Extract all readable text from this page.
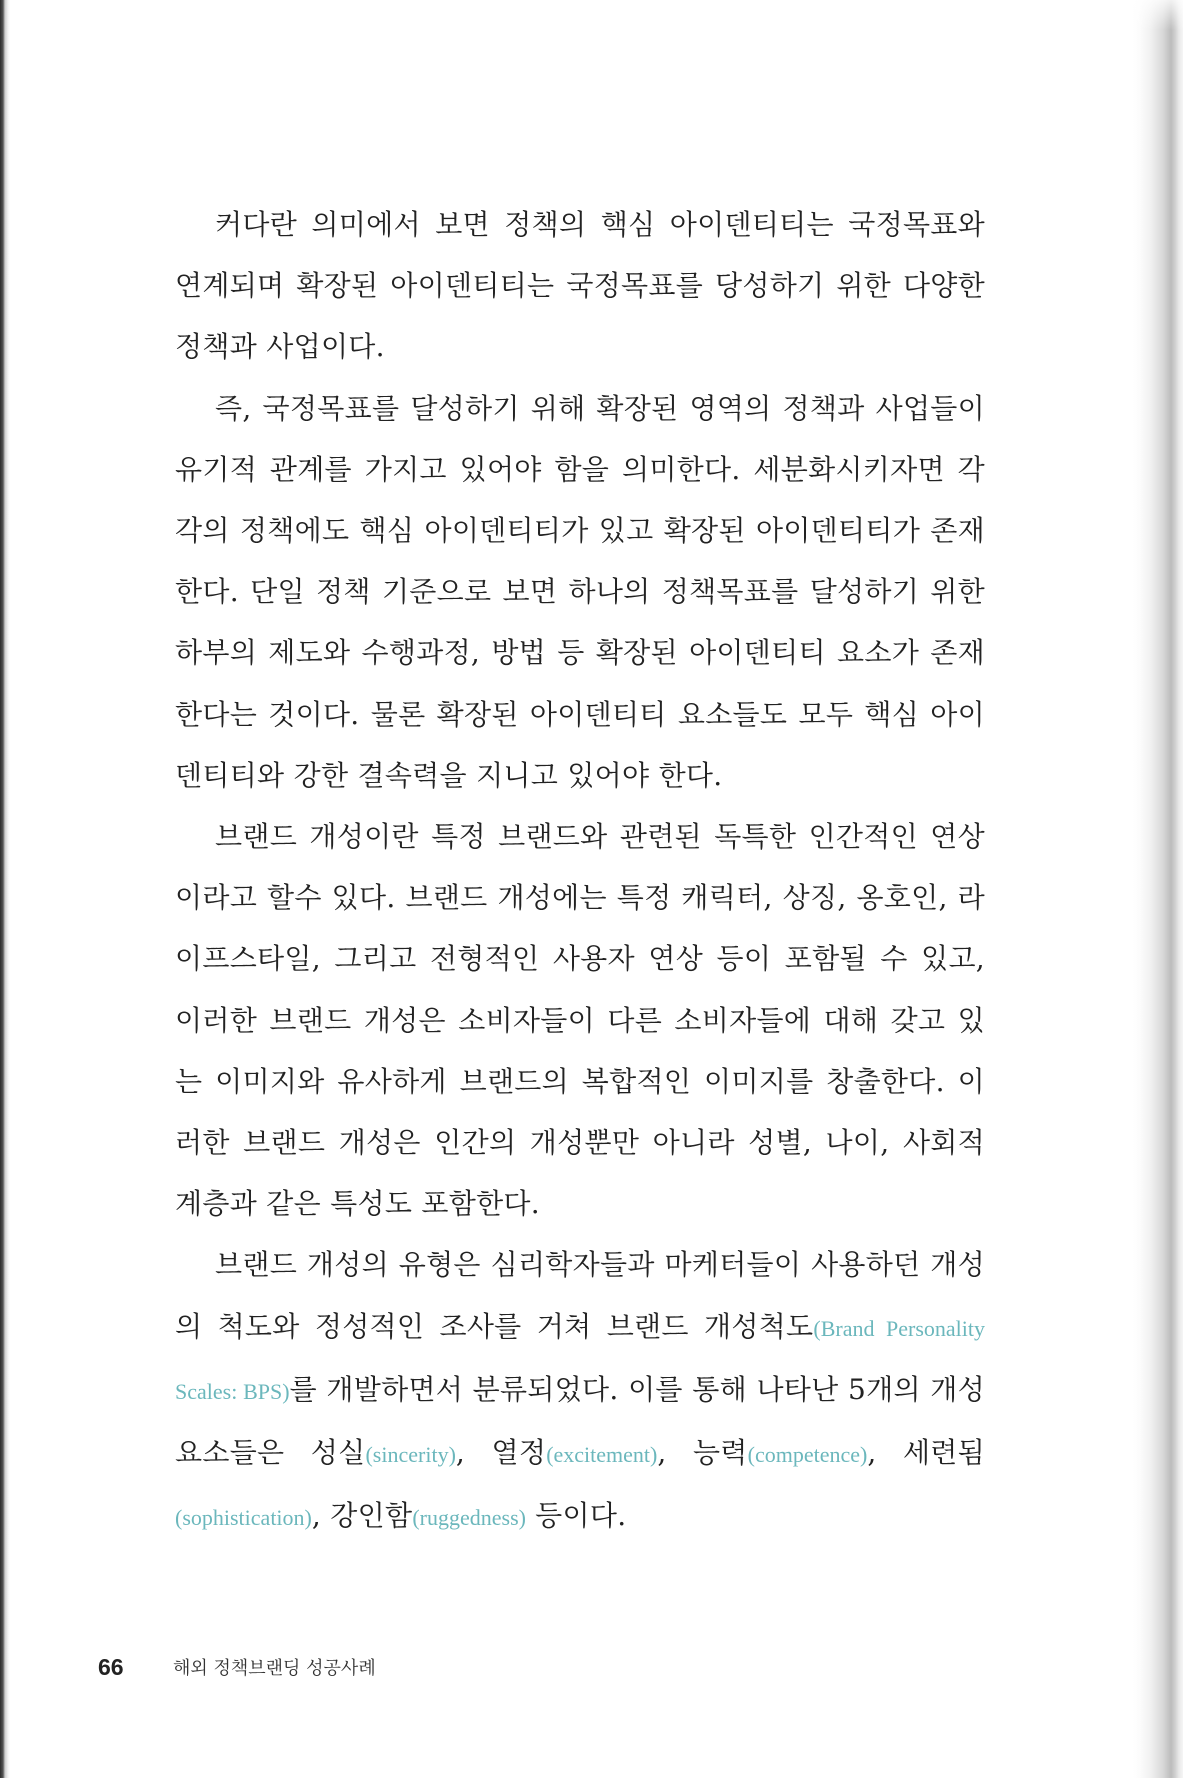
커다란 의미에서 보면 정책의 핵심 아이덴티티는 국정목표와 연계되며 확장된 아이덴티티는 국정목표를 당성하기 위한 다양한 정책과 사업이다.

즉, 국정목표를 달성하기 위해 확장된 영역의 정책과 사업들이 유기적 관계를 가지고 있어야 함을 의미한다. 세분화시키자면 각각의 정책에도 핵심 아이덴티티가 있고 확장된 아이덴티티가 존재한다. 단일 정책 기준으로 보면 하나의 정책목표를 달성하기 위한 하부의 제도와 수행과정, 방법 등 확장된 아이덴티티 요소가 존재한다는 것이다. 물론 확장된 아이덴티티 요소들도 모두 핵심 아이덴티티와 강한 결속력을 지니고 있어야 한다.

브랜드 개성이란 특정 브랜드와 관련된 독특한 인간적인 연상이라고 할수 있다. 브랜드 개성에는 특정 캐릭터, 상징, 옹호인, 라이프스타일, 그리고 전형적인 사용자 연상 등이 포함될 수 있고, 이러한 브랜드 개성은 소비자들이 다른 소비자들에 대해 갖고 있는 이미지와 유사하게 브랜드의 복합적인 이미지를 창출한다. 이러한 브랜드 개성은 인간의 개성뿐만 아니라 성별, 나이, 사회적 계층과 같은 특성도 포함한다.

브랜드 개성의 유형은 심리학자들과 마케터들이 사용하던 개성의 척도와 정성적인 조사를 거쳐 브랜드 개성척도(Brand Personality Scales: BPS)를 개발하면서 분류되었다. 이를 통해 나타난 5개의 개성 요소들은 성실(sincerity), 열정(excitement), 능력(competence), 세련됨(sophistication), 강인함(ruggedness) 등이다.

66	해외 정책브랜딩 성공사례
